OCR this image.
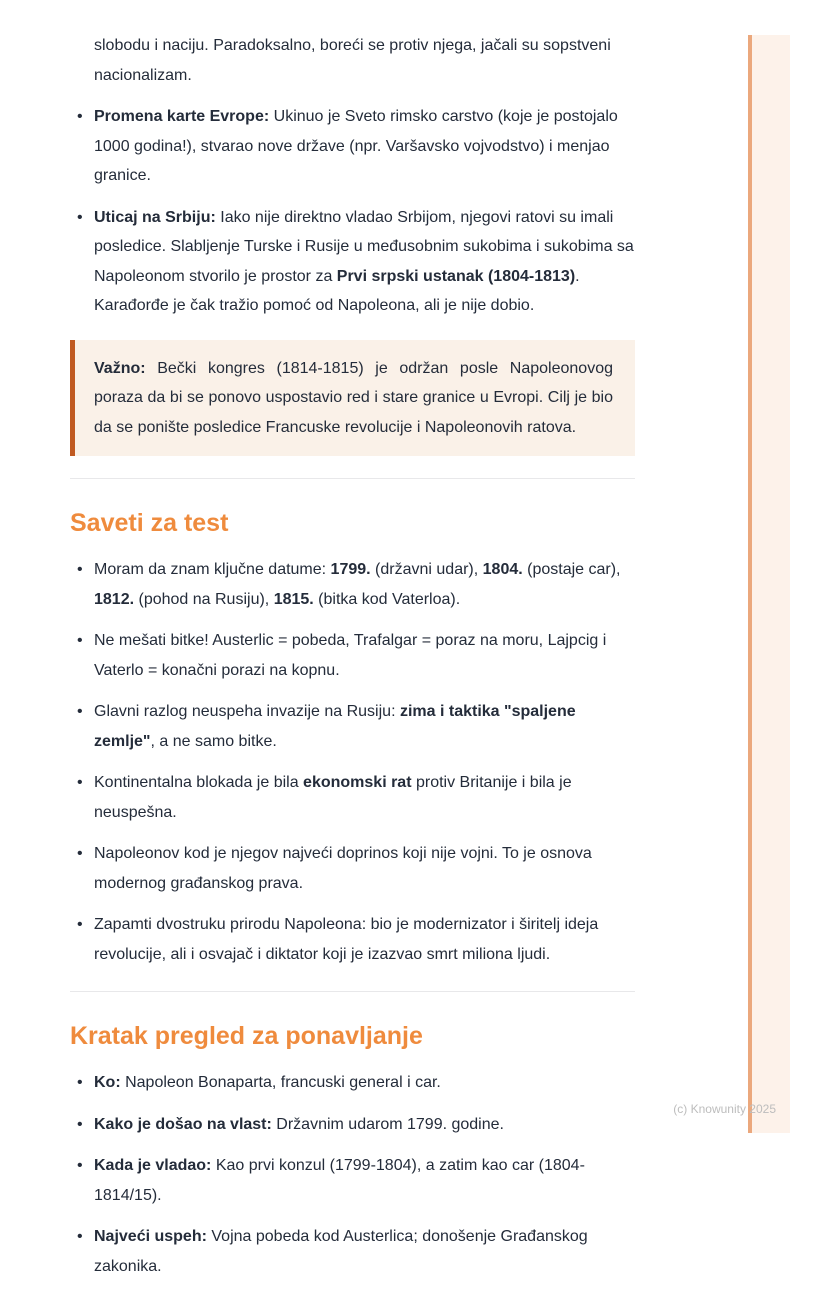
slobodu i naciju. Paradoksalno, boreći se protiv njega, jačali su sopstveni nacionalizam.

• Promena karte Evrope: Ukinuo je Sveto rimsko carstvo (koje je postojalo 1000 godina!), stvarao nove države (npr. Varšavsko vojvodstvo) i menjao granice.
• Uticaj na Srbiju: Iako nije direktno vladao Srbijom, njegovi ratovi su imali posledice. Slabljenje Turske i Rusije u međusobnim sukobima i sukobima sa Napoleonom stvorilo je prostor za Prvi srpski ustanak (1804-1813). Karađorđe je čak tražio pomoć od Napoleona, ali je nije dobio.
Važno: Bečki kongres (1814-1815) je održan posle Napoleonovog poraza da bi se ponovo uspostavio red i stare granice u Evropi. Cilj je bio da se ponište posledice Francuske revolucije i Napoleonovih ratova.
Saveti za test
• Moram da znam ključne datume: 1799. (državni udar), 1804. (postaje car), 1812. (pohod na Rusiju), 1815. (bitka kod Vaterloa).
• Ne mešati bitke! Austerlic = pobeda, Trafalgar = poraz na moru, Lajpcig i Vaterlo = konačni porazi na kopnu.
• Glavni razlog neuspeha invazije na Rusiju: zima i taktika "spaljene zemlje", a ne samo bitke.
• Kontinentalna blokada je bila ekonomski rat protiv Britanije i bila je neuspešna.
• Napoleonov kod je njegov najveći doprinos koji nije vojni. To je osnova modernog građanskog prava.
• Zapamti dvostruku prirodu Napoleona: bio je modernizator i širitelj ideja revolucije, ali i osvajač i diktator koji je izazvao smrt miliona ljudi.
Kratak pregled za ponavljanje
• Ko: Napoleon Bonaparta, francuski general i car.
• Kako je došao na vlast: Državnim udarom 1799. godine.
• Kada je vladao: Kao prvi konzul (1799-1804), a zatim kao car (1804-1814/15).
• Najveći uspeh: Vojna pobeda kod Austerlica; donošenje Građanskog zakonika.
(c) Knowunity 2025
